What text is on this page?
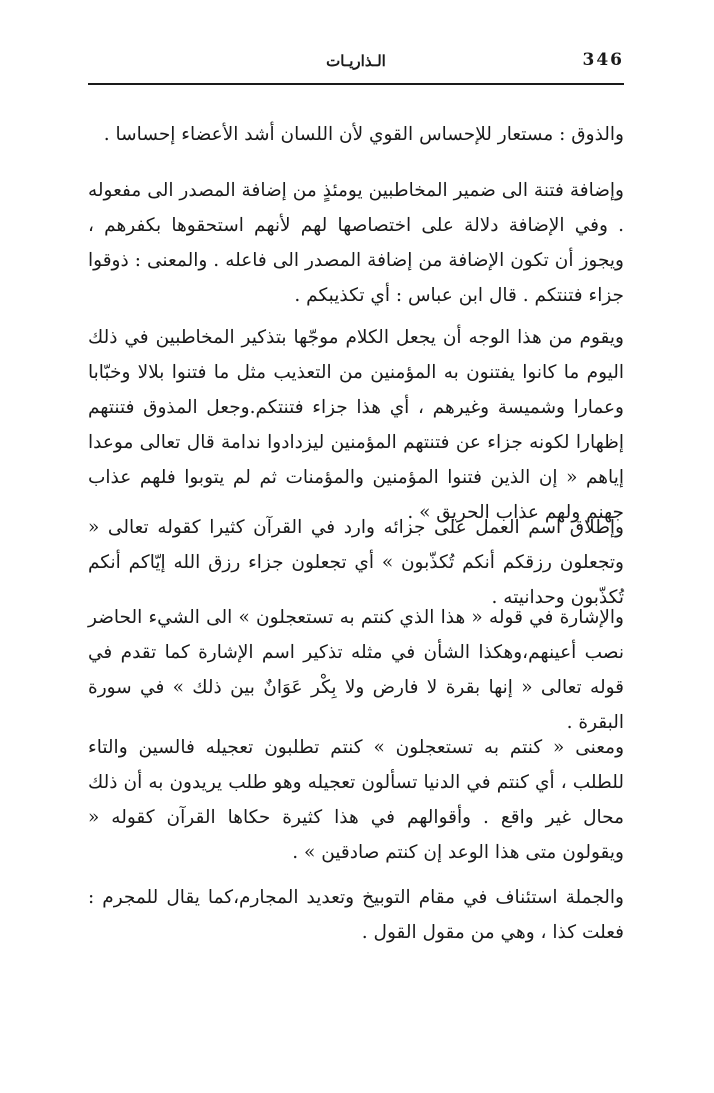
346
الـذاريـات

والذوق : مستعار للإحساس القوي لأن اللسان أشد الأعضاء إحساسا .

وإضافة فتنة الى ضمير المخاطبين يومئذٍ من إضافة المصدر الى مفعوله . وفي الإضافة دلالة على اختصاصها لهم لأنهم استحقوها بكفرهم ، ويجوز أن تكون الإضافة من إضافة المصدر الى فاعله . والمعنى : ذوقوا جزاء فتنتكم . قال ابن عباس : أي تكذيبكم .

ويقوم من هذا الوجه أن يجعل الكلام موجّها بتذكير المخاطبين في ذلك اليوم ما كانوا يفتنون به المؤمنين من التعذيب مثل ما فتنوا بلالا وخبّابا وعمارا وشميسة وغيرهم ، أي هذا جزاء فتنتكم.وجعل المذوق فتنتهم إظهارا لكونه جزاء عن فتنتهم المؤمنين ليزدادوا ندامة قال تعالى موعدا إياهم « إن الذين فتنوا المؤمنين والمؤمنات ثم لم يتوبوا فلهم عذاب جهنم ولهم عذاب الحريق » .

وإطلاق اسم العمل على جزائه وارد في القرآن كثيرا كقوله تعالى « وتجعلون رزقكم أنكم تُكذّبون » أي تجعلون جزاء رزق الله إيّاكم أنكم تُكذّبون وحدانيته .

والإشارة في قوله « هذا الذي كنتم به تستعجلون » الى الشيء الحاضر نصب أعينهم،وهكذا الشأن في مثله تذكير اسم الإشارة كما تقدم في قوله تعالى « إنها بقرة لا فارض ولا بِكْر عَوَانٌ بين ذلك » في سورة البقرة .

ومعنى « كنتم به تستعجلون » كنتم تطلبون تعجيله فالسين والتاء للطلب ، أي كنتم في الدنيا تسألون تعجيله وهو طلب يريدون به أن ذلك محال غير واقع . وأقوالهم في هذا كثيرة حكاها القرآن كقوله « ويقولون متى هذا الوعد إن كنتم صادقين » .

والجملة استئناف في مقام التوبيخ وتعديد المجارم،كما يقال للمجرم : فعلت كذا ، وهي من مقول القول .
